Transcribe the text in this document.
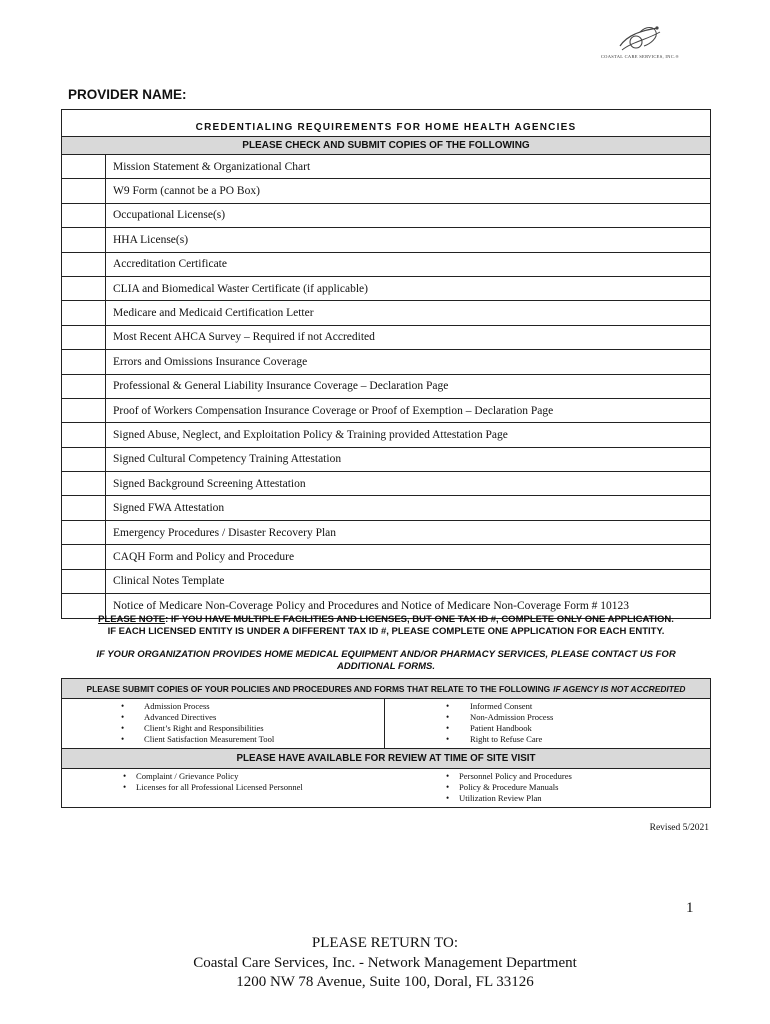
COASTAL CARE SERVICES, INC.®
PROVIDER NAME:
CREDENTIALING REQUIREMENTS FOR HOME HEALTH AGENCIES
PLEASE CHECK AND SUBMIT COPIES OF THE FOLLOWING
Mission Statement & Organizational Chart
W9 Form (cannot be a PO Box)
Occupational License(s)
HHA License(s)
Accreditation Certificate
CLIA and Biomedical Waster Certificate (if applicable)
Medicare and Medicaid Certification Letter
Most Recent AHCA Survey – Required if not Accredited
Errors and Omissions Insurance Coverage
Professional & General Liability Insurance Coverage – Declaration Page
Proof of Workers Compensation Insurance Coverage or Proof of Exemption – Declaration Page
Signed Abuse, Neglect, and Exploitation Policy & Training provided Attestation Page
Signed Cultural Competency Training Attestation
Signed Background Screening Attestation
Signed FWA Attestation
Emergency Procedures / Disaster Recovery Plan
CAQH Form and Policy and Procedure
Clinical Notes Template
Notice of Medicare Non-Coverage Policy and Procedures and Notice of Medicare Non-Coverage Form # 10123
PLEASE NOTE: IF YOU HAVE MULTIPLE FACILITIES AND LICENSES, BUT ONE TAX ID #, COMPLETE ONLY ONE APPLICATION.
IF EACH LICENSED ENTITY IS UNDER A DIFFERENT TAX ID #, PLEASE COMPLETE ONE APPLICATION FOR EACH ENTITY.
IF YOUR ORGANIZATION PROVIDES HOME MEDICAL EQUIPMENT AND/OR PHARMACY SERVICES, PLEASE CONTACT US FOR
ADDITIONAL FORMS.
PLEASE SUBMIT COPIES OF YOUR POLICIES AND PROCEDURES AND FORMS THAT RELATE TO THE FOLLOWING IF AGENCY IS NOT ACCREDITED
• Admission Process
• Advanced Directives
• Client’s Right and Responsibilities
• Client Satisfaction Measurement Tool
• Informed Consent
• Non-Admission Process
• Patient Handbook
• Right to Refuse Care
PLEASE HAVE AVAILABLE FOR REVIEW AT TIME OF SITE VISIT
• Complaint / Grievance Policy
• Licenses for all Professional Licensed Personnel
• Personnel Policy and Procedures
• Policy & Procedure Manuals
• Utilization Review Plan
Revised 5/2021
1
PLEASE RETURN TO:
Coastal Care Services, Inc. - Network Management Department
1200 NW 78 Avenue, Suite 100, Doral, FL 33126
